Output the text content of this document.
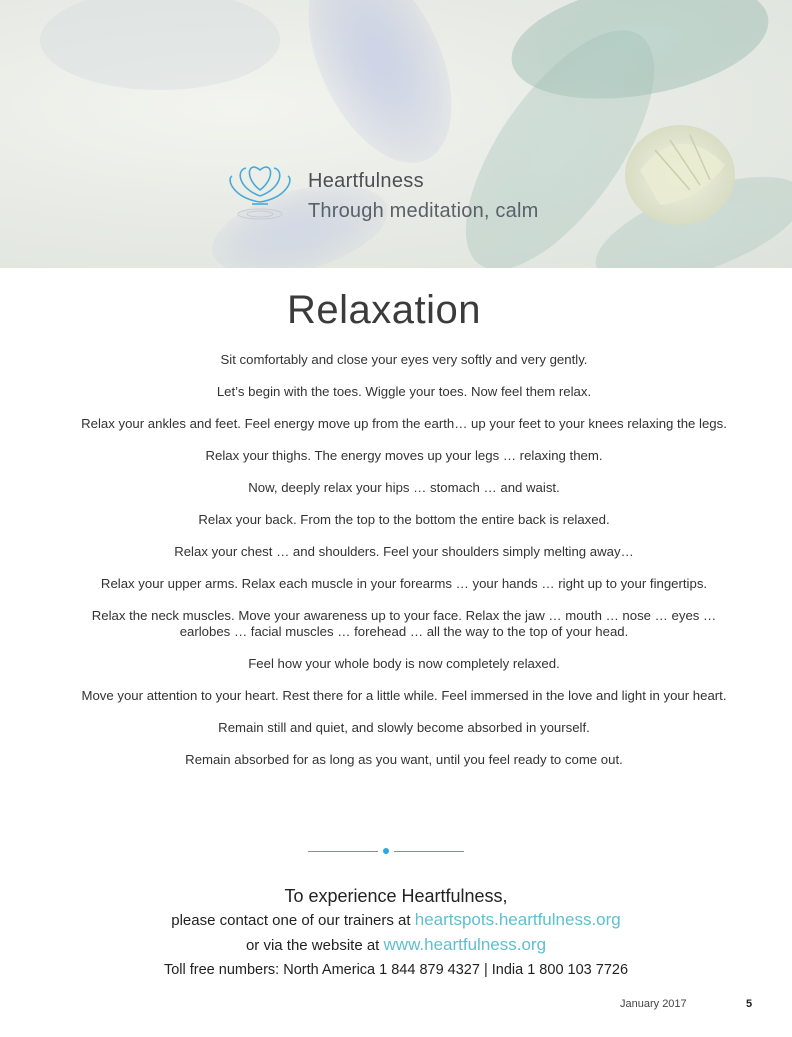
Heartfulness
Through meditation, calm
Relaxation

Sit comfortably and close your eyes very softly and very gently.

Let’s begin with the toes. Wiggle your toes. Now feel them relax.

Relax your ankles and feet. Feel energy move up from the earth… up your feet to your knees relaxing the legs.

Relax your thighs. The energy moves up your legs … relaxing them.

Now, deeply relax your hips … stomach … and waist.

Relax your back. From the top to the bottom the entire back is relaxed.

Relax your chest … and shoulders. Feel your shoulders simply melting away…

Relax your upper arms. Relax each muscle in your forearms … your hands … right up to your fingertips.

Relax the neck muscles. Move your awareness up to your face. Relax the jaw … mouth … nose … eyes … earlobes … facial muscles … forehead … all the way to the top of your head.

Feel how your whole body is now completely relaxed.

Move your attention to your heart. Rest there for a little while. Feel immersed in the love and light in your heart.

Remain still and quiet, and slowly become absorbed in yourself.

Remain absorbed for as long as you want, until you feel ready to come out.

To experience Heartfulness,
please contact one of our trainers at heartspots.heartfulness.org
or via the website at www.heartfulness.org
Toll free numbers: North America 1 844 879 4327 | India 1 800 103 7726
January 2017	5
